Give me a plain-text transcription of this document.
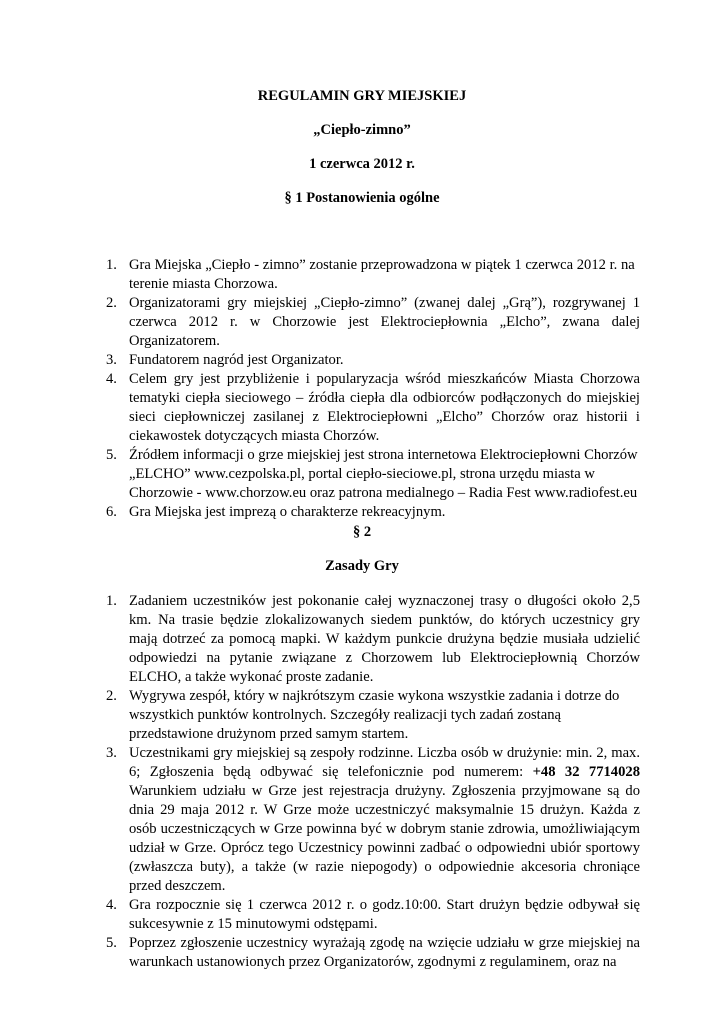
REGULAMIN GRY MIEJSKIEJ
„Ciepło-zimno”
1 czerwca 2012 r.
§ 1 Postanowienia ogólne
1. Gra Miejska „Ciepło - zimno” zostanie przeprowadzona w piątek 1 czerwca 2012 r. na terenie miasta Chorzowa.
2. Organizatorami gry miejskiej „Ciepło-zimno” (zwanej dalej „Grą”), rozgrywanej 1 czerwca 2012 r. w Chorzowie jest Elektrociepłownia „Elcho”, zwana dalej Organizatorem.
3. Fundatorem nagród jest Organizator.
4. Celem gry jest przybliżenie i popularyzacja wśród mieszkańców Miasta Chorzowa tematyki ciepła sieciowego – źródła ciepła dla odbiorców podłączonych do miejskiej sieci ciepłowniczej zasilanej z Elektrociepłowni „Elcho” Chorzów oraz historii i ciekawostek dotyczących miasta Chorzów.
5. Źródłem informacji o grze miejskiej jest strona internetowa Elektrociepłowni Chorzów „ELCHO” www.cezpolska.pl, portal ciepło-sieciowe.pl, strona urzędu miasta w Chorzowie - www.chorzow.eu oraz patrona medialnego – Radia Fest www.radiofest.eu
6. Gra Miejska jest imprezą o charakterze rekreacyjnym.
§ 2
Zasady Gry
1. Zadaniem uczestników jest pokonanie całej wyznaczonej trasy o długości około 2,5 km. Na trasie będzie zlokalizowanych siedem punktów, do których uczestnicy gry mają dotrzeć za pomocą mapki. W każdym punkcie drużyna będzie musiała udzielić odpowiedzi na pytanie związane z Chorzowem lub Elektrociepłownią Chorzów ELCHO, a także wykonać proste zadanie.
2. Wygrywa zespół, który w najkrótszym czasie wykona wszystkie zadania i dotrze do wszystkich punktów kontrolnych. Szczegóły realizacji tych zadań zostaną przedstawione drużynom przed samym startem.
3. Uczestnikami gry miejskiej są zespoły rodzinne. Liczba osób w drużynie: min. 2, max. 6; Zgłoszenia będą odbywać się telefonicznie pod numerem: +48 32 7714028 Warunkiem udziału w Grze jest rejestracja drużyny. Zgłoszenia przyjmowane są do dnia 29 maja 2012 r. W Grze może uczestniczyć maksymalnie 15 drużyn. Każda z osób uczestniczących w Grze powinna być w dobrym stanie zdrowia, umożliwiającym udział w Grze. Oprócz tego Uczestnicy powinni zadbać o odpowiedni ubiór sportowy (zwłaszcza buty), a także (w razie niepogody) o odpowiednie akcesoria chroniące przed deszczem.
4. Gra rozpocznie się 1 czerwca 2012 r. o godz.10:00. Start drużyn będzie odbywał się sukcesywnie z 15 minutowymi odstępami.
5. Poprzez zgłoszenie uczestnicy wyrażają zgodę na wzięcie udziału w grze miejskiej na warunkach ustanowionych przez Organizatorów, zgodnymi z regulaminem, oraz na
